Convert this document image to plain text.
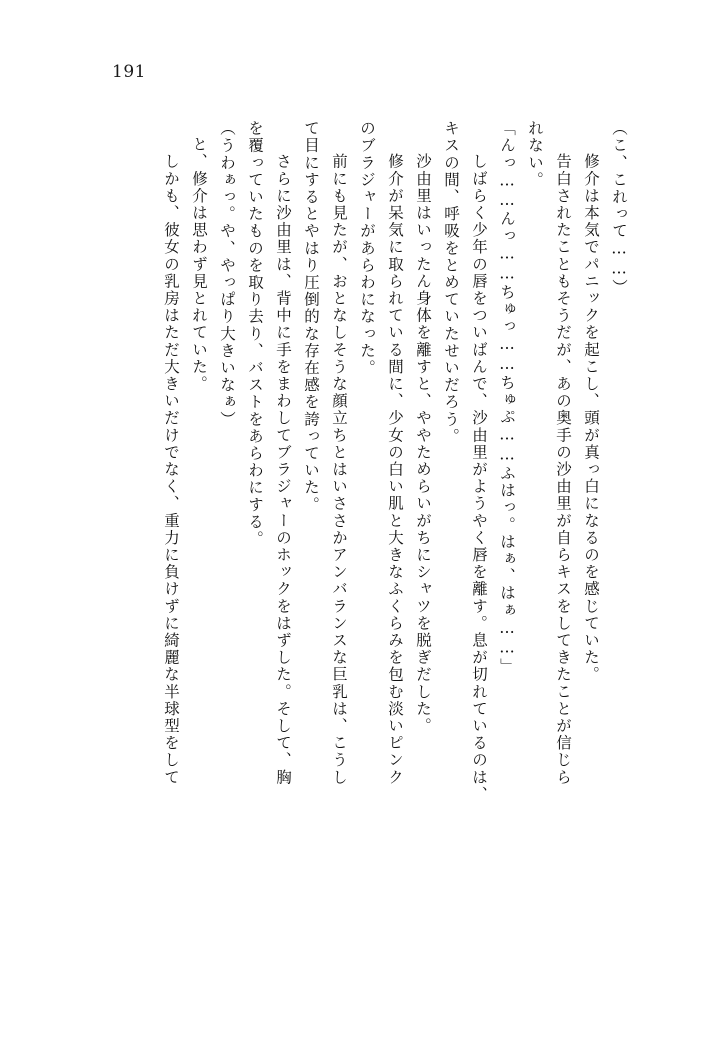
191
（こ、これって……）
　修介は本気でパニックを起こし、頭が真っ白になるのを感じていた。
　告白されたこともそうだが、あの奥手の沙由里が自らキスをしてきたことが信じら
れない。
「んっ……んっ……ちゅっ……ちゅぷ……ふはっ。はぁ、はぁ……」
　しばらく少年の唇をついばんで、沙由里がようやく唇を離す。息が切れているのは、
キスの間、呼吸をとめていたせいだろう。
　沙由里はいったん身体を離すと、ややためらいがちにシャツを脱ぎだした。
　修介が呆気に取られている間に、少女の白い肌と大きなふくらみを包む淡いピンク
のブラジャーがあらわになった。
　前にも見たが、おとなしそうな顔立ちとはいささかアンバランスな巨乳は、こうし
て目にするとやはり圧倒的な存在感を誇っていた。
　さらに沙由里は、背中に手をまわしてブラジャーのホックをはずした。そして、胸
を覆っていたものを取り去り、バストをあらわにする。
（うわぁっ。や、やっぱり大きいなぁ）
と、修介は思わず見とれていた。
　しかも、彼女の乳房はただ大きいだけでなく、重力に負けずに綺麗な半球型をして
